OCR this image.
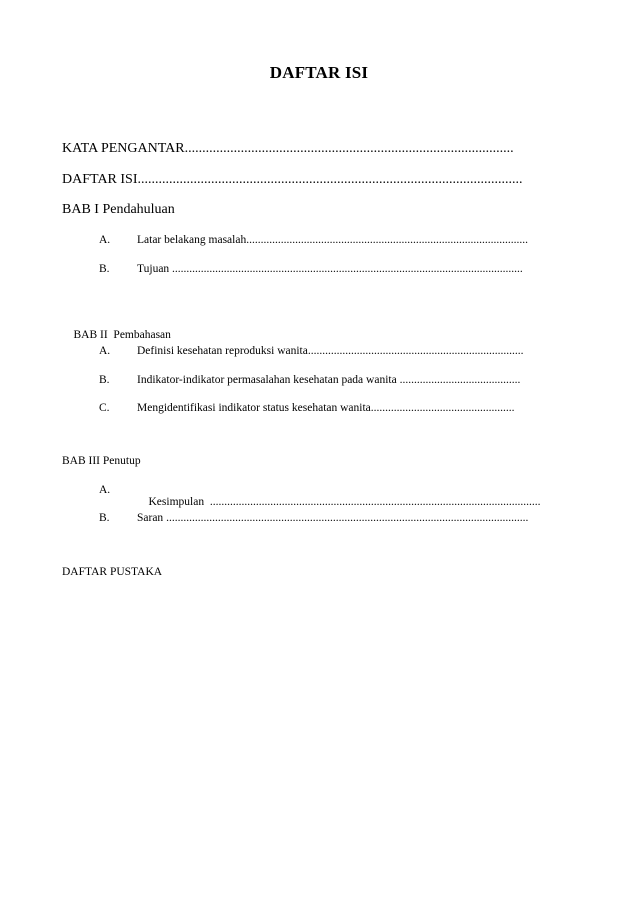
DAFTAR ISI
KATA PENGANTAR..............................................................................................
DAFTAR ISI..............................................................................................................
BAB I Pendahuluan
A. Latar belakang masalah..................................................................................................
B. Tujuan ..........................................................................................................................

BAB II  Pembahasan

A. Definisi kesehatan reproduksi wanita...........................................................................
B. Indikator-indikator permasalahan kesehatan pada wanita ..........................................
C. Mengidentifikasi indikator status kesehatan wanita..................................................
BAB III Penutup
A.

Kesimpulan  ...................................................................................................................

B. Saran ..............................................................................................................................
DAFTAR PUSTAKA
